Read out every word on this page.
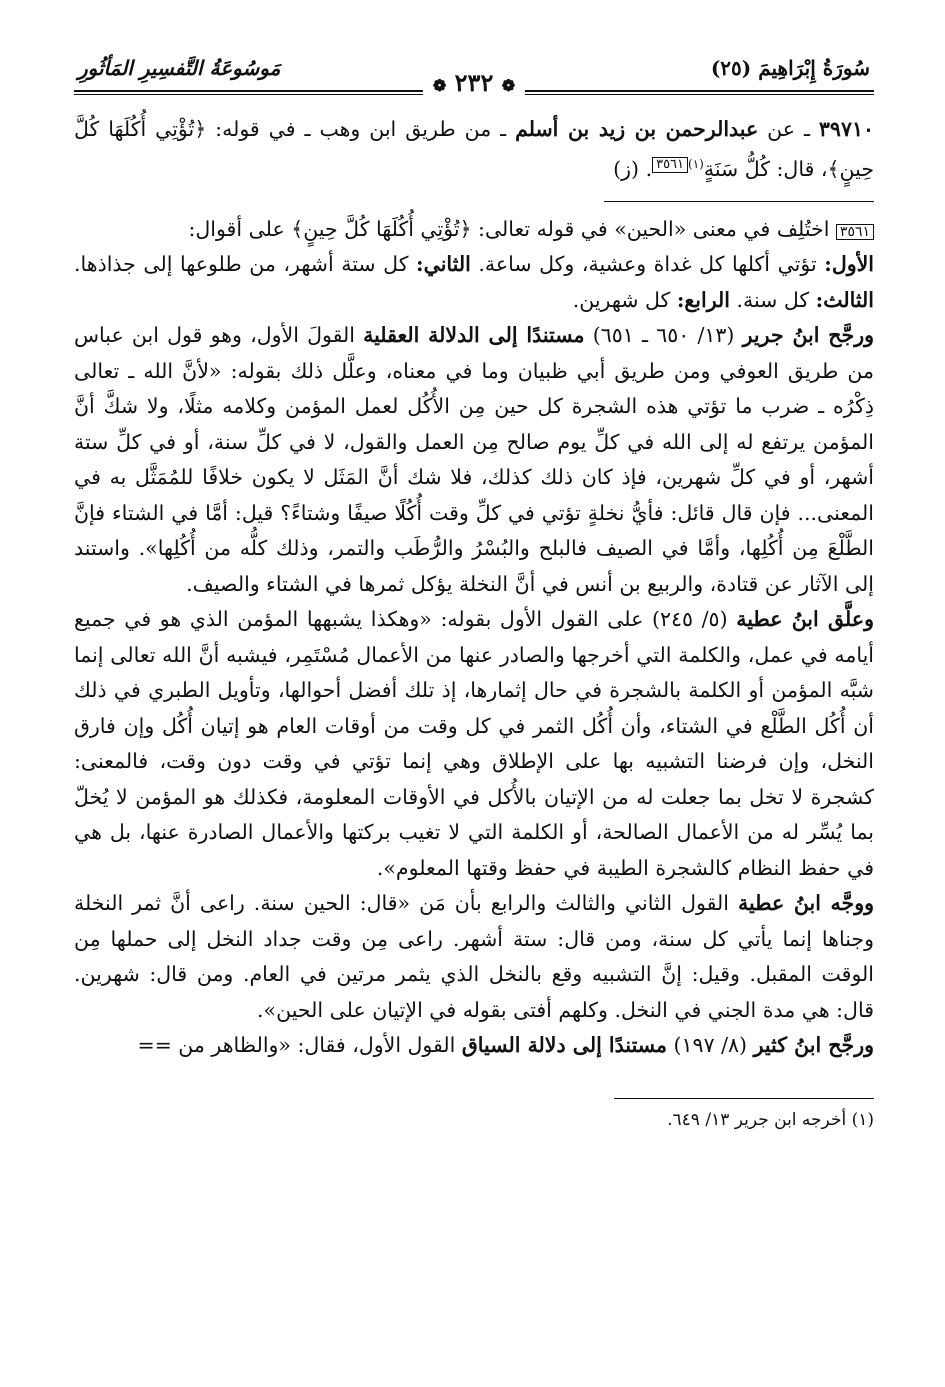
سُورَةُ إِبْرَاهِيمَ (٢٥)
❁ ٢٣٢ ❁
مَوسُوعَةُ التَّفسِيرِ المَأثُورِ

٣٩٧١٠ ـ عن عبدالرحمن بن زيد بن أسلم ـ من طريق ابن وهب ـ في قوله: ﴿تُؤْتِي أُكُلَهَا كُلَّ حِينٍ﴾، قال: كُلُّ سَنَةٍ$^{(١)}$٣٥٦١. (ز)

٣٥٦١ اختُلِف في معنى «الحين» في قوله تعالى: ﴿تُؤْتِي أُكُلَهَا كُلَّ حِينٍ﴾ على أقوال:

الأول: تؤتي أكلها كل غداة وعشية، وكل ساعة. الثاني: كل ستة أشهر، من طلوعها إلى جذاذها. الثالث: كل سنة. الرابع: كل شهرين.

ورجَّح ابنُ جرير (١٣/ ٦٥٠ ـ ٦٥١) مستندًا إلى الدلالة العقلية القولَ الأول، وهو قول ابن عباس من طريق العوفي ومن طريق أبي ظبيان وما في معناه، وعلَّل ذلك بقوله: «لأنَّ الله ـ تعالى ذِكْرُه ـ ضرب ما تؤتي هذه الشجرة كل حين مِن الأُكُل لعمل المؤمن وكلامه مثلًا، ولا شكَّ أنَّ المؤمن يرتفع له إلى الله في كلِّ يوم صالح مِن العمل والقول، لا في كلِّ سنة، أو في كلِّ ستة أشهر، أو في كلِّ شهرين، فإذ كان ذلك كذلك، فلا شك أنَّ المَثَل لا يكون خلافًا للمُمَثَّل به في المعنى... فإن قال قائل: فأيُّ نخلةٍ تؤتي في كلِّ وقت أُكُلًا صيفًا وشتاءً؟ قيل: أمَّا في الشتاء فإنَّ الطَّلْعَ مِن أُكُلِها، وأمَّا في الصيف فالبلح والبُسْرُ والرُّطَب والتمر، وذلك كلُّه من أُكُلِها». واستند إلى الآثار عن قتادة، والربيع بن أنس في أنَّ النخلة يؤكل ثمرها في الشتاء والصيف.

وعلَّق ابنُ عطية (٥/ ٢٤٥) على القول الأول بقوله: «وهكذا يشبهها المؤمن الذي هو في جميع أيامه في عمل، والكلمة التي أخرجها والصادر عنها من الأعمال مُسْتَمِر، فيشبه أنَّ الله تعالى إنما شبَّه المؤمن أو الكلمة بالشجرة في حال إثمارها، إذ تلك أفضل أحوالها، وتأويل الطبري في ذلك أن أُكُل الطَّلْع في الشتاء، وأن أُكُل الثمر في كل وقت من أوقات العام هو إتيان أُكُل وإن فارق النخل، وإن فرضنا التشبيه بها على الإطلاق وهي إنما تؤتي في وقت دون وقت، فالمعنى: كشجرة لا تخل بما جعلت له من الإتيان بالأُكل في الأوقات المعلومة، فكذلك هو المؤمن لا يُخلّ بما يُسِّر له من الأعمال الصالحة، أو الكلمة التي لا تغيب بركتها والأعمال الصادرة عنها، بل هي في حفظ النظام كالشجرة الطيبة في حفظ وقتها المعلوم».

ووجَّه ابنُ عطية القول الثاني والثالث والرابع بأن مَن «قال: الحين سنة. راعى أنَّ ثمر النخلة وجناها إنما يأتي كل سنة، ومن قال: ستة أشهر. راعى مِن وقت جداد النخل إلى حملها مِن الوقت المقبل. وقيل: إنَّ التشبيه وقع بالنخل الذي يثمر مرتين في العام. ومن قال: شهرين. قال: هي مدة الجني في النخل. وكلهم أفتى بقوله في الإتيان على الحين».

ورجَّح ابنُ كثير (٨/ ١٩٧) مستندًا إلى دلالة السياق القول الأول، فقال: «والظاهر من ==

(١) أخرجه ابن جرير ١٣/ ٦٤٩.
